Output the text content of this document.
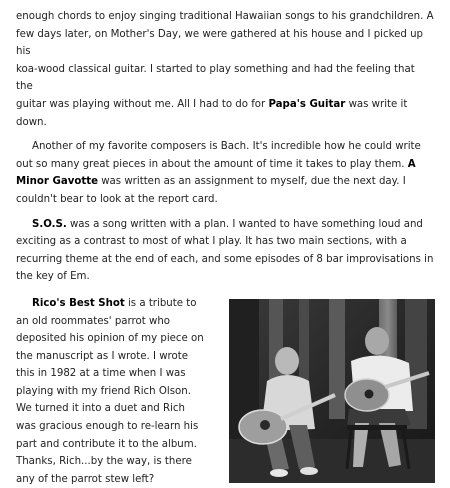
enough chords to enjoy singing traditional Hawaiian songs to his grandchildren. A
few days later, on Mother's Day, we were gathered at his house and I picked up his
koa-wood classical guitar. I started to play something and had the feeling that the
guitar was playing without me. All I had to do for Papa's Guitar was write it down.

Another of my favorite composers is Bach. It's incredible how he could write out so many great pieces in about the amount of time it takes to play them. A Minor Gavotte was written as an assignment to myself, due the next day. I couldn't bear to look at the report card.

S.O.S. was a song written with a plan. I wanted to have something loud and exciting as a contrast to most of what I play. It has two main sections, with a recurring theme at the end of each, and some episodes of 8 bar improvisations in the key of Em.

Rico's Best Shot is a tribute to an old roommates' parrot who deposited his opinion of my piece on the manuscript as I wrote. I wrote this in 1982 at a time when I was playing with my friend Rich Olson. We turned it into a duet and Rich was gracious enough to re-learn his part and contribute it to the album. Thanks, Rich...by the way, is there any of the parrot stew left?
